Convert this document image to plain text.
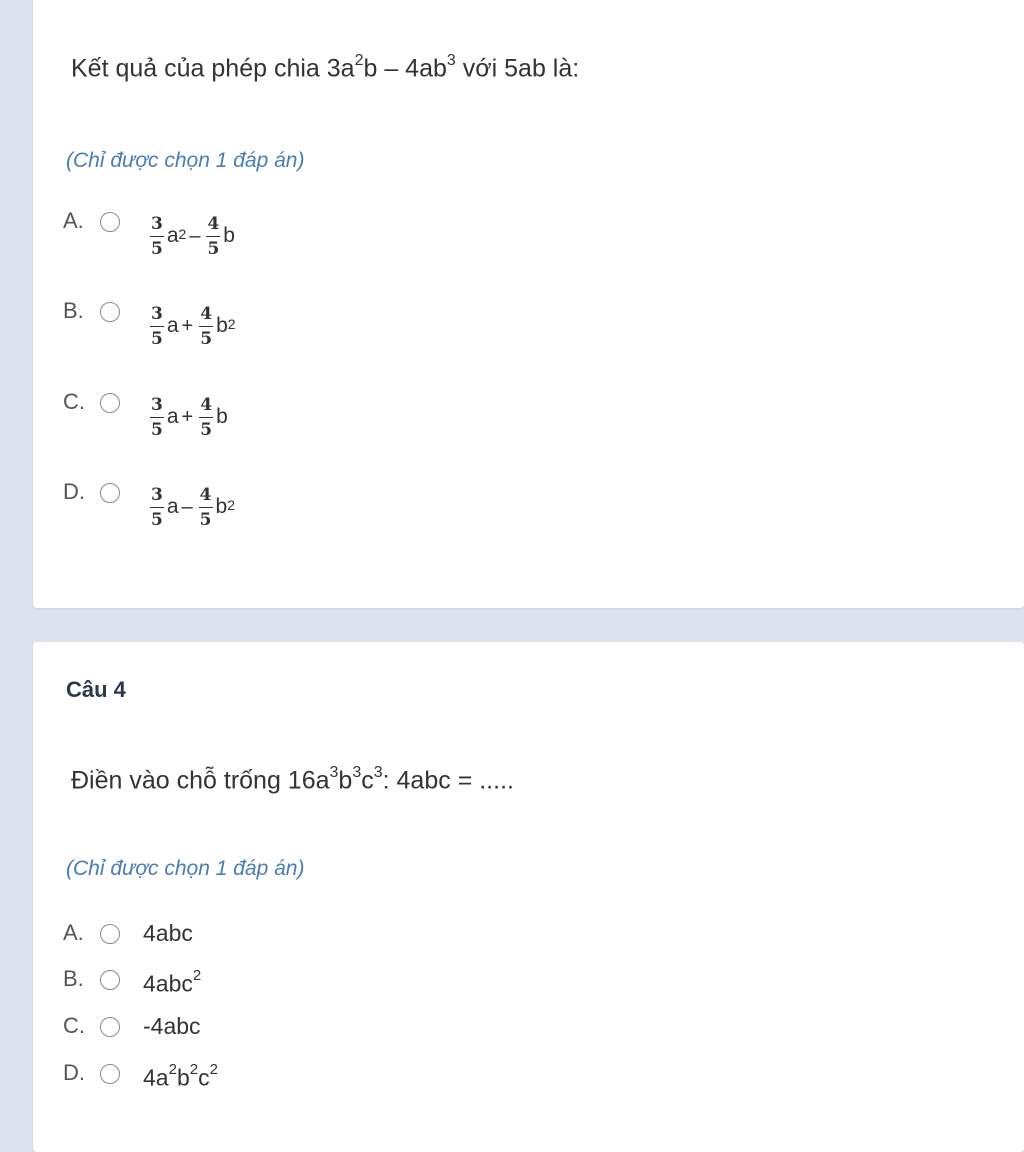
Kết quả của phép chia $3a^2b - 4ab^3$ với 5ab là:
(Chỉ được chọn 1 đáp án)
A.	$\frac{3}{5} a^2 - \frac{4}{5}$ b
B.	$\frac{3}{5}$ $a + \frac{4}{5} b^2$
C.	$\frac{3}{5}$ $a + \frac{4}{5}$ b
D.	$\frac{3}{5}$ a – $\frac{4}{5} b^2$
Câu 4
Điền vào chỗ trống $16a^3b^3c^3$: 4abc = .....
(Chỉ được chọn 1 đáp án)
A.	4abc
B.	4abc$^2$
C.	-4abc
D.	$4a^2b^2c^2$
